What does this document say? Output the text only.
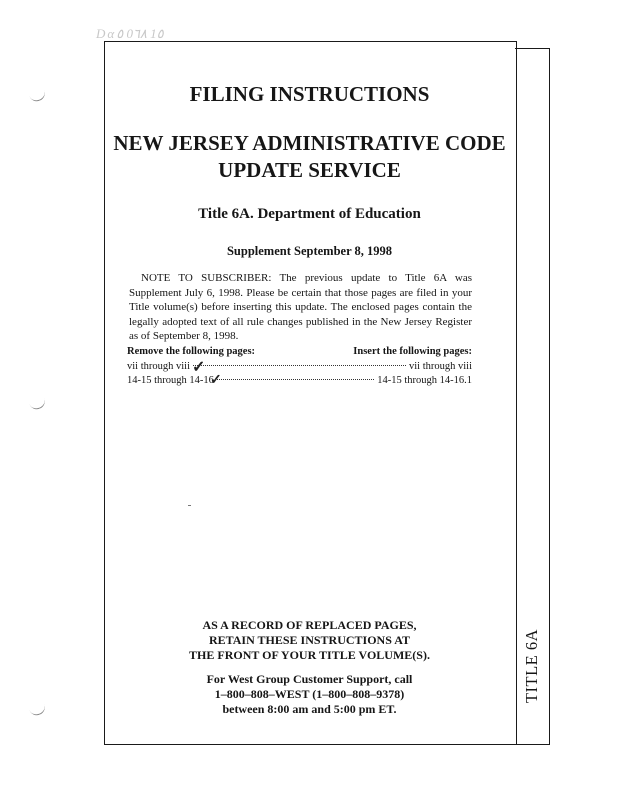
Dα٥ 0٦٨ 1٥
TITLE 6A
FILING INSTRUCTIONS
NEW JERSEY ADMINISTRATIVE CODE
UPDATE SERVICE
Title 6A. Department of Education
Supplement September 8, 1998
NOTE TO SUBSCRIBER: The previous update to Title 6A was Supplement July 6, 1998. Please be certain that those pages are filed in your Title volume(s) before inserting this update. The enclosed pages contain the legally adopted text of all rule changes published in the New Jersey Register as of September 8, 1998.
Remove the following pages:	Insert the following pages:
vii through viii	vii through viii
14-15 through 14-16	14-15 through 14-16.1
✓
✓
AS A RECORD OF REPLACED PAGES,
RETAIN THESE INSTRUCTIONS AT
THE FRONT OF YOUR TITLE VOLUME(S).
For West Group Customer Support, call
1–800–808–WEST (1–800–808–9378)
between 8:00 am and 5:00 pm ET.
